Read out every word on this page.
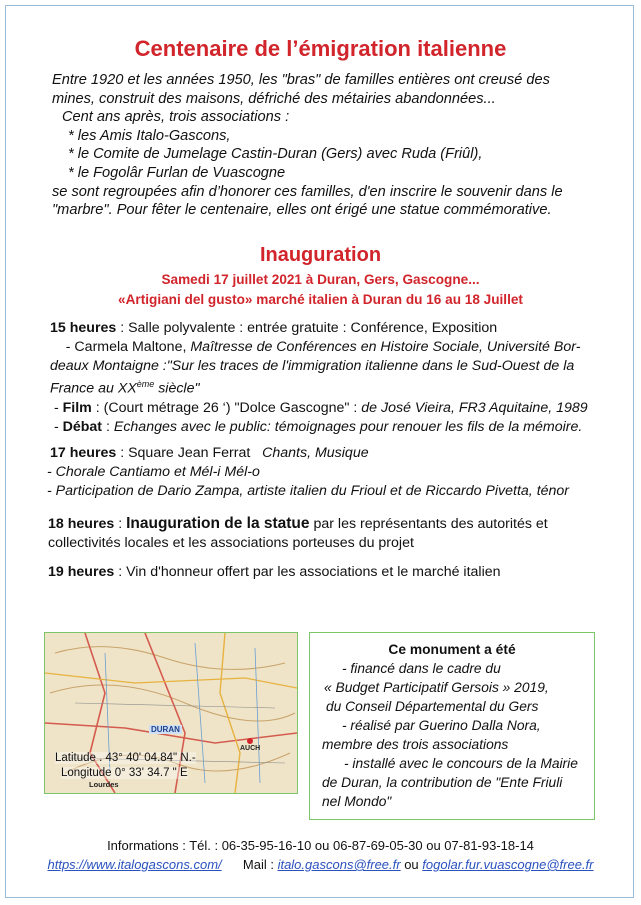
Centenaire de l’émigration italienne
Entre 1920 et les années 1950, les "bras" de familles entières ont creusé des
mines, construit des maisons, défriché des métairies abandonnées...
Cent ans après, trois associations :
* les Amis Italo-Gascons,
* le Comite de Jumelage Castin-Duran (Gers) avec Ruda (Friûl),
* le Fogolâr Furlan de Vuascogne
se sont regroupées afin d’honorer ces familles, d'en inscrire le souvenir dans le
"marbre". Pour fêter le centenaire, elles ont érigé une statue commémorative.
Inauguration
Samedi 17 juillet 2021 à Duran, Gers, Gascogne...
«Artigiani del gusto» marché italien à Duran du 16 au 18 Juillet
15 heures : Salle polyvalente : entrée gratuite : Conférence, Exposition
- Carmela Maltone, Maîtresse de Conférences en Histoire Sociale, Université Bor-
deaux Montaigne :"Sur les traces de l'immigration italienne dans le Sud-Ouest de la
France au XXème siècle"
- Film : (Court métrage 26 ‘) "Dolce Gascogne" : de José Vieira, FR3 Aquitaine, 1989
- Débat : Echanges avec le public: témoignages pour renouer les fils de la mémoire.
17 heures : Square Jean Ferrat   Chants, Musique
- Chorale Cantiamo et Mél-i Mél-o
- Participation de Dario Zampa, artiste italien du Frioul et de Riccardo Pivetta, ténor
18 heures : Inauguration de la statue par les représentants des autorités et
collectivités locales et les associations porteuses du projet
19 heures : Vin d'honneur offert par les associations et le marché italien
DURAN
AUCH
Lourdes
Latitude . 43° 40' 04.84" N.-
Longitude 0° 33' 34.7 " E
Ce monument a été
- financé dans le cadre du
« Budget Participatif Gersois » 2019,
du Conseil Départemental du Gers
- réalisé par Guerino Dalla Nora,
membre des trois associations
- installé avec le concours de la Mairie
de Duran, la contribution de "Ente Friuli
nel Mondo"
Informations : Tél. : 06-35-95-16-10 ou 06-87-69-05-30 ou 07-81-93-18-14
https://www.italogascons.com/ Mail : italo.gascons@free.fr ou fogolar.fur.vuascogne@free.fr
